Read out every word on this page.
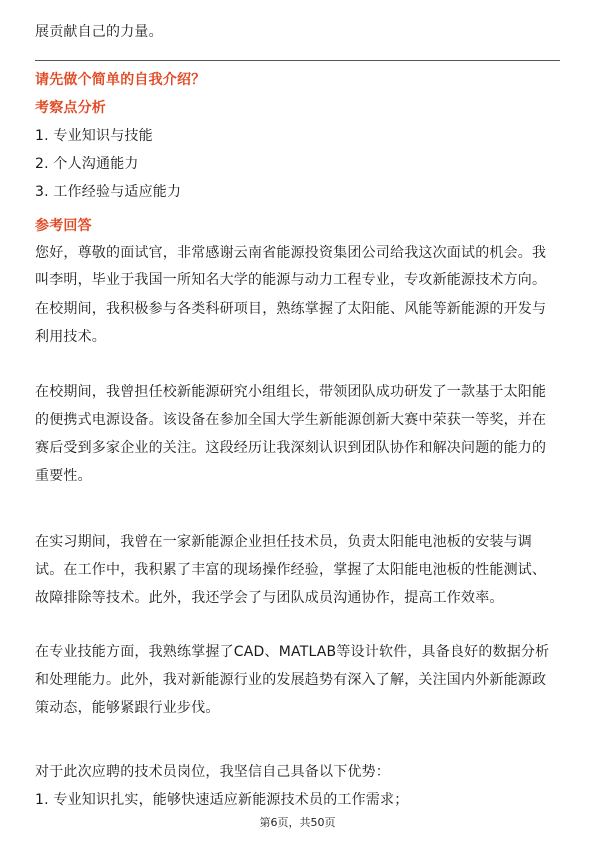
展贡献自己的力量。
请先做个简单的自我介绍？
考察点分析
1. 专业知识与技能
2. 个人沟通能力
3. 工作经验与适应能力
参考回答
您好，尊敬的面试官，非常感谢云南省能源投资集团公司给我这次面试的机会。我
叫李明，毕业于我国一所知名大学的能源与动力工程专业，专攻新能源技术方向。
在校期间，我积极参与各类科研项目，熟练掌握了太阳能、风能等新能源的开发与
利用技术。
在校期间，我曾担任校新能源研究小组组长，带领团队成功研发了一款基于太阳能
的便携式电源设备。该设备在参加全国大学生新能源创新大赛中荣获一等奖，并在
赛后受到多家企业的关注。这段经历让我深刻认识到团队协作和解决问题的能力的
重要性。
在实习期间，我曾在一家新能源企业担任技术员，负责太阳能电池板的安装与调
试。在工作中，我积累了丰富的现场操作经验，掌握了太阳能电池板的性能测试、
故障排除等技术。此外，我还学会了与团队成员沟通协作，提高工作效率。
在专业技能方面，我熟练掌握了CAD、MATLAB等设计软件，具备良好的数据分析
和处理能力。此外，我对新能源行业的发展趋势有深入了解，关注国内外新能源政
策动态，能够紧跟行业步伐。
对于此次应聘的技术员岗位，我坚信自己具备以下优势：
1. 专业知识扎实，能够快速适应新能源技术员的工作需求；
第6页，共50页
